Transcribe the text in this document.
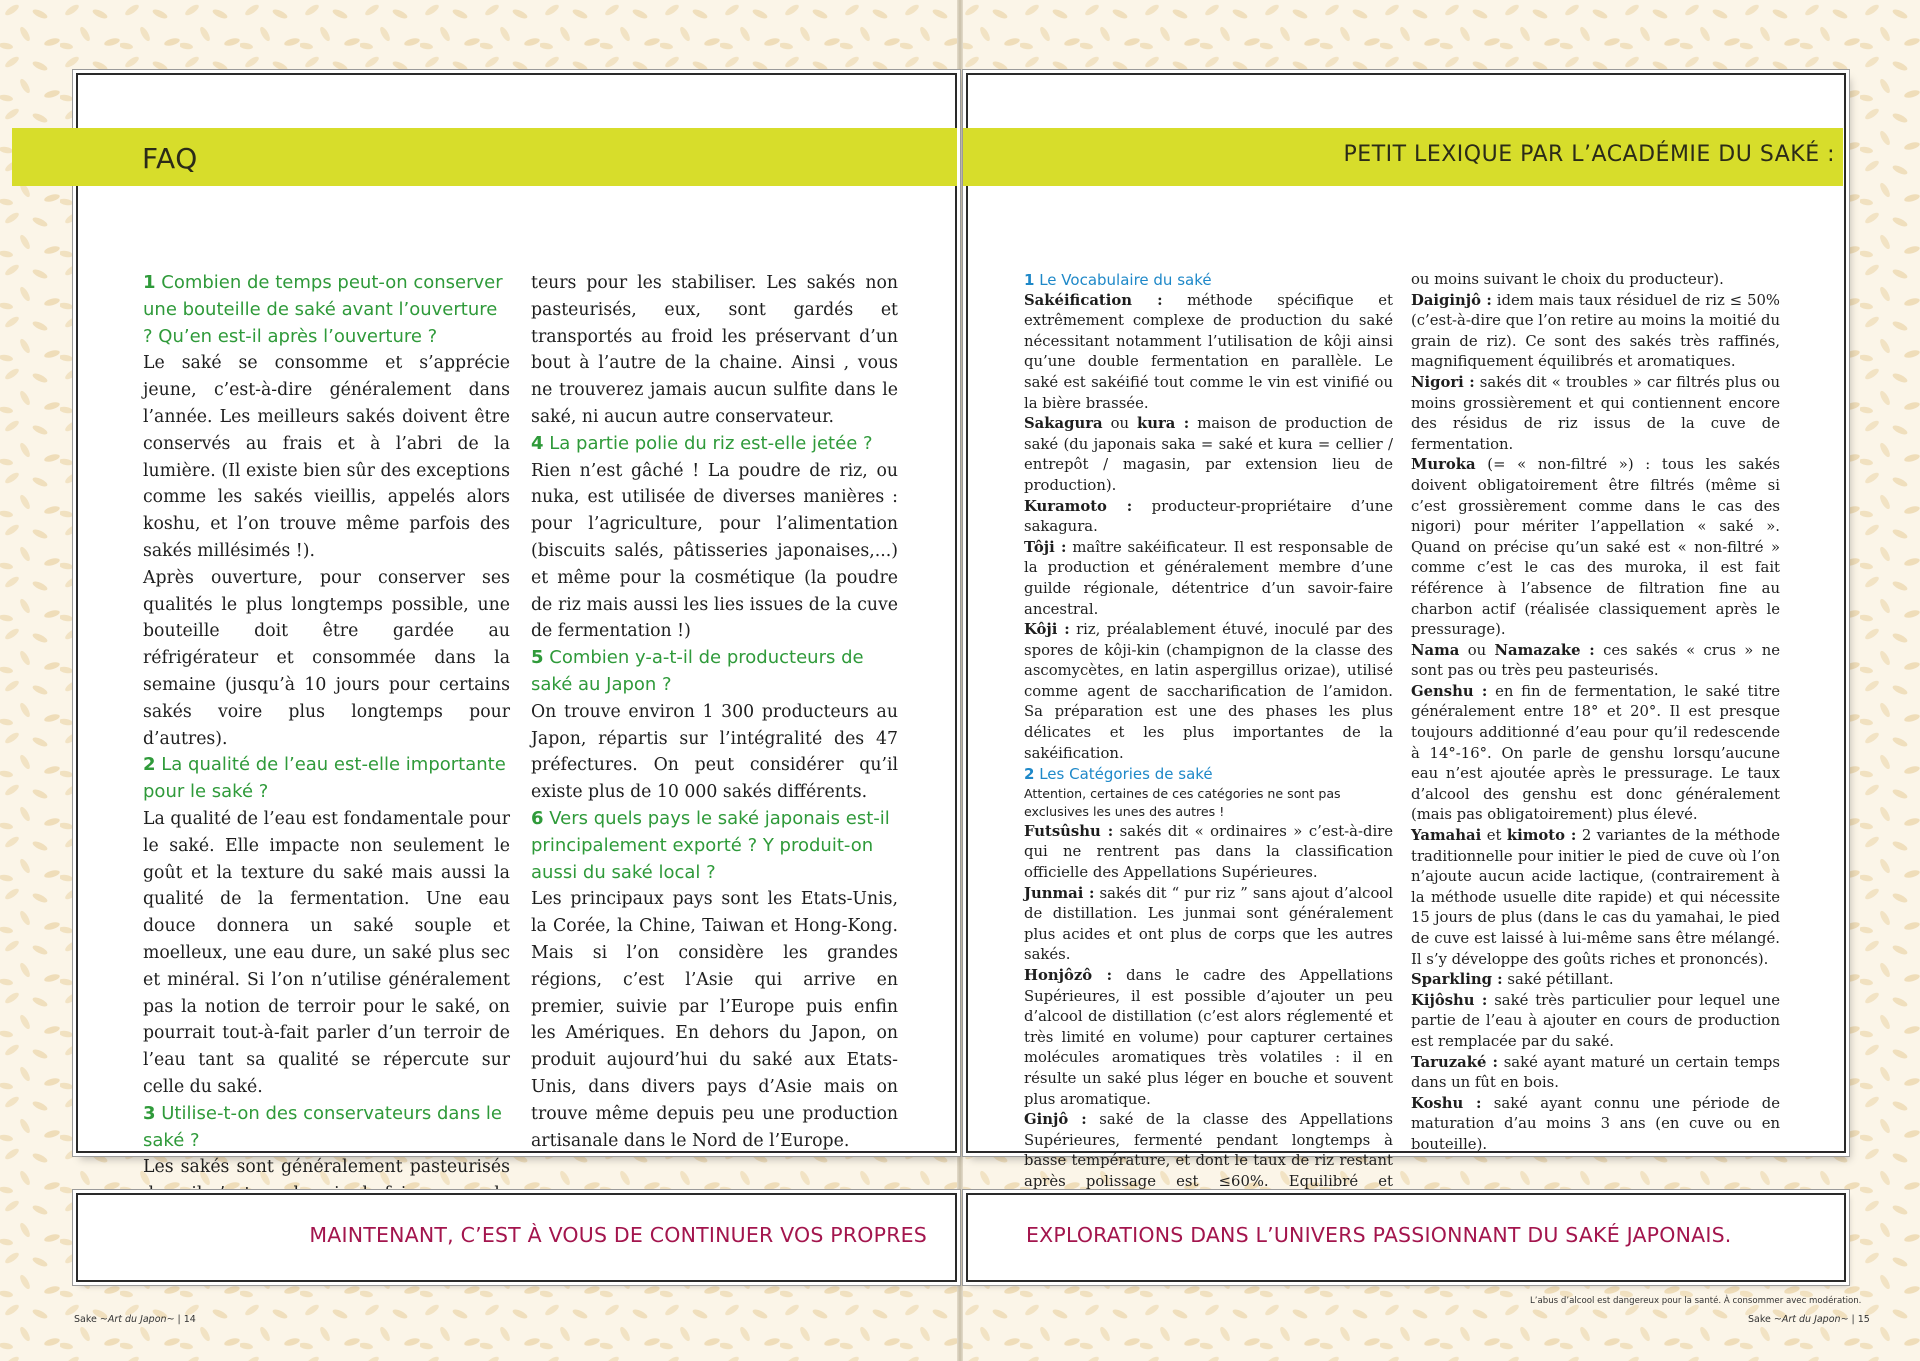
FAQ	PETIT LEXIQUE PAR L’ACADÉMIE DU SAKÉ :

1 Combien de temps peut-on conserver une bouteille de saké avant l’ouverture ? Qu’en est-il après l’ouverture ?

Le saké se consomme et s’apprécie jeune, c’est-à-dire généralement dans l’année. Les meilleurs sakés doivent être conservés au frais et à l’abri de la lumière. (Il existe bien sûr des exceptions comme les sakés vieillis, appelés alors koshu, et l’on trouve même parfois des sakés millésimés !).

Après ouverture, pour conserver ses qualités le plus longtemps possible, une bouteille doit être gardée au réfrigérateur et consommée dans la semaine (jusqu’à 10 jours pour certains sakés voire plus longtemps pour d’autres).

2 La qualité de l’eau est-elle importante pour le saké ?

La qualité de l’eau est fondamentale pour le saké. Elle impacte non seulement le goût et la texture du saké mais aussi la qualité de la fermentation. Une eau douce donnera un saké souple et moelleux, une eau dure, un saké plus sec et minéral. Si l’on n’utilise généralement pas la notion de terroir pour le saké, on pourrait tout-à-fait parler d’un terroir de l’eau tant sa qualité se répercute sur celle du saké.

3 Utilise-t-on des conservateurs dans le saké ?

Les sakés sont généralement pasteurisés

teurs pour les stabiliser. Les sakés non pasteurisés, eux, sont gardés et transportés au froid les préservant d’un bout à l’autre de la chaine. Ainsi , vous ne trouverez jamais aucun sulfite dans le saké, ni aucun autre conservateur.

4 La partie polie du riz est-elle jetée ?

Rien n’est gâché ! La poudre de riz, ou nuka, est utilisée de diverses manières : pour l’agriculture, pour l’alimentation (biscuits salés, pâtisseries japonaises,...) et même pour la cosmétique (la poudre de riz mais aussi les lies issues de la cuve de fermentation !)

5 Combien y-a-t-il de producteurs de saké au Japon ?

On trouve environ 1 300 producteurs au Japon, répartis sur l’intégralité des 47 préfectures. On peut considérer qu’il existe plus de 10 000 sakés différents.

6 Vers quels pays le saké japonais est-il principalement exporté ? Y produit-on aussi du saké local ?

Les principaux pays sont les Etats-Unis, la Corée, la Chine, Taiwan et Hong-Kong. Mais si l’on considère les grandes régions, c’est l’Asie qui arrive en premier, suivie par l’Europe puis enfin les Amériques. En dehors du Japon, on produit aujourd’hui du saké aux Etats-Unis, dans divers pays d’Asie mais on trouve même depuis peu une production artisanale dans le Nord de l’Europe.

1 Le Vocabulaire du saké

Sakéification : méthode spécifique et extrêmement complexe de production du saké nécessitant notamment l’utilisation de kôji ainsi qu’une double fermentation en parallèle. Le saké est sakéifié tout comme le vin est vinifié ou la bière brassée.

Sakagura ou kura : maison de production de saké (du japonais saka = saké et kura = cellier / entrepôt / magasin, par extension lieu de production).

Kuramoto : producteur-propriétaire d’une sakagura.

Tôji : maître sakéificateur. Il est responsable de la production et généralement membre d’une guilde régionale, détentrice d’un savoir-faire ancestral.

Kôji : riz, préalablement étuvé, inoculé par des spores de kôji-kin (champignon de la classe des ascomycètes, en latin aspergillus orizae), utilisé comme agent de saccharification de l’amidon. Sa préparation est une des phases les plus délicates et les plus importantes de la sakéification.

2 Les Catégories de saké

Attention, certaines de ces catégories ne sont pas exclusives les unes des autres !

Futsûshu : sakés dit « ordinaires » c’est-à-dire qui ne rentrent pas dans la classification officielle des Appellations Supérieures.

Junmai : sakés dit “ pur riz ” sans ajout d’alcool de distillation. Les junmai sont généralement plus acides et ont plus de corps que les autres sakés.

Honjôzô : dans le cadre des Appellations Supérieures, il est possible d’ajouter un peu d’alcool de distillation (c’est alors réglementé et très limité en volume) pour capturer certaines molécules aromatiques très volatiles : il en résulte un saké plus léger en bouche et souvent plus aromatique.

Ginjô : saké de la classe des Appellations Supérieures, fermenté pendant longtemps à basse température, et dont le taux de riz restant après polissage est ≤60%. Equilibré et

ou moins suivant le choix du producteur).

Daiginjô : idem mais taux résiduel de riz ≤ 50% (c’est-à-dire que l’on retire au moins la moitié du grain de riz). Ce sont des sakés très raffinés, magnifiquement équilibrés et aromatiques.

Nigori : sakés dit « troubles » car filtrés plus ou moins grossièrement et qui contiennent encore des résidus de riz issus de la cuve de fermentation.

Muroka (= « non-filtré ») : tous les sakés doivent obligatoirement être filtrés (même si c’est grossièrement comme dans le cas des nigori) pour mériter l’appellation « saké ». Quand on précise qu’un saké est « non-filtré » comme c’est le cas des muroka, il est fait référence à l’absence de filtration fine au charbon actif (réalisée classiquement après le pressurage).

Nama ou Namazake : ces sakés « crus » ne sont pas ou très peu pasteurisés.

Genshu : en fin de fermentation, le saké titre généralement entre 18° et 20°. Il est presque toujours additionné d’eau pour qu’il redescende à 14°-16°. On parle de genshu lorsqu’aucune eau n’est ajoutée après le pressurage. Le taux d’alcool des genshu est donc généralement (mais pas obligatoirement) plus élevé.

Yamahai et kimoto : 2 variantes de la méthode traditionnelle pour initier le pied de cuve où l’on n’ajoute aucun acide lactique, (contrairement à la méthode usuelle dite rapide) et qui nécessite 15 jours de plus (dans le cas du yamahai, le pied de cuve est laissé à lui-même sans être mélangé. Il s’y développe des goûts riches et prononcés).

Sparkling : saké pétillant.

Kijôshu : saké très particulier pour lequel une partie de l’eau à ajouter en cours de production est remplacée par du saké.

Taruzaké : saké ayant maturé un certain temps dans un fût en bois.

Koshu : saké ayant connu une période de maturation d’au moins 3 ans (en cuve ou en bouteille).

MAINTENANT, C’EST À VOUS DE CONTINUER VOS PROPRES	EXPLORATIONS DANS L’UNIVERS PASSIONNANT DU SAKÉ JAPONAIS.
L’abus d’alcool est dangereux pour la santé. À consommer avec modération.
Sake ~Art du Japon~ | 14	Sake ~Art du Japon~ | 15
